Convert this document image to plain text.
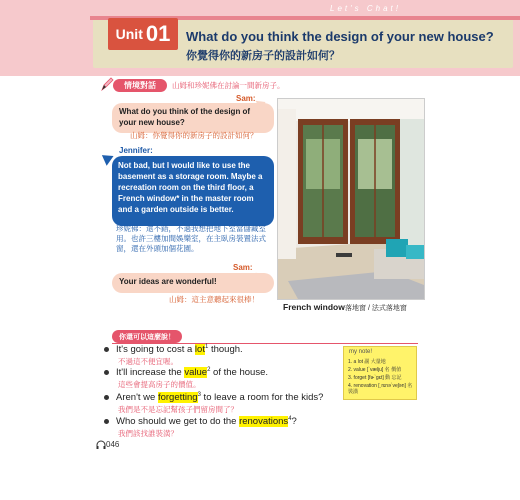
Let's Chat!
Unit 01 What do you think the design of your new house?
你覺得你的新房子的設計如何？
情境對話	山姆和珍妮佛在討論一間新房子。
Sam:
What do you think of the design of your new house?
山姆：你覺得你的新房子的設計如何？
Jennifer:
Not bad, but I would like to use the basement as a storage room. Maybe a recreation room on the third floor, a French window* in the master room and a garden outside is better.
珍妮佛：還不錯，不過我想把地下室當儲藏室用。也許三樓加間娛樂室，在主臥房裝置法式窗，還在外頭加個花園。
Sam:
Your ideas are wonderful!
山姆：這主意聽起來很棒！
French window 落地窗 / 法式落地窗
你還可以這麼說！
It's going to cost a lot$^1$ though.
不過這不便宜喔。
It'll increase the value$^2$ of the house.
這些會提高房子的價值。
Aren't we forgetting$^3$ to leave a room for the kids?
我們是不是忘記幫孩子們留房間了？
Who should we get to do the renovations$^4$?
我們該找誰裝潢？
my note!
1. a lot 副 大量地
2. value [ˋvælju] 名 價值
3. forget [fɚˋgɛt] 動 忘記
4. renovation [ˌrɛnəˋveʃən] 名 裝潢
046
